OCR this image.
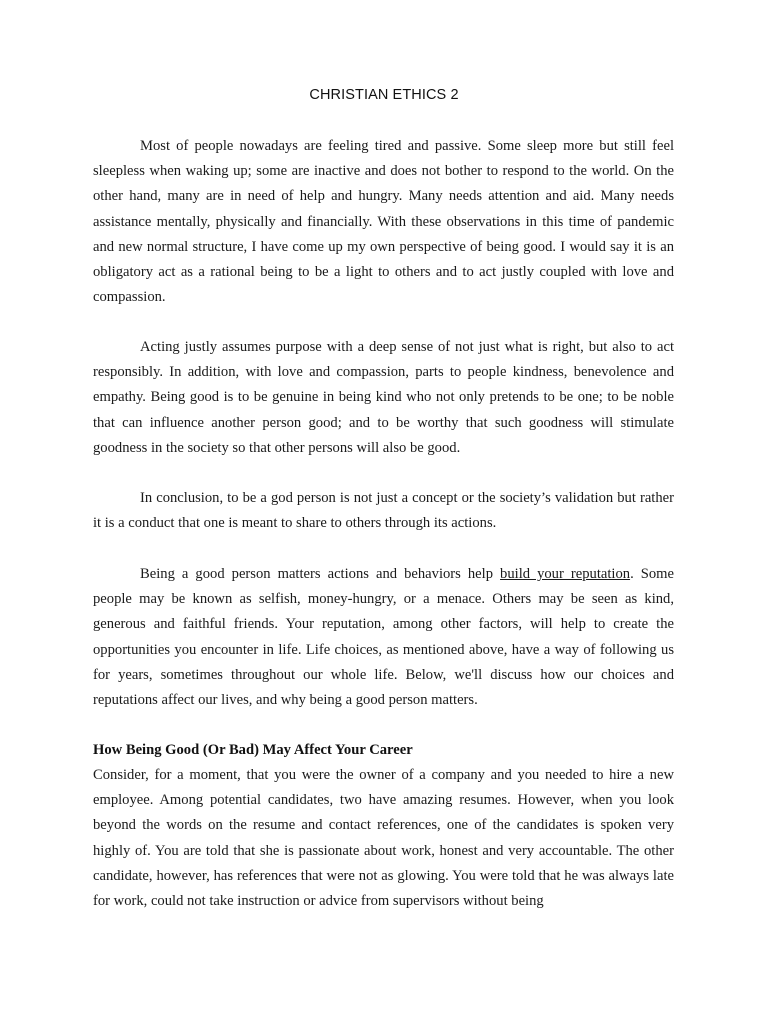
CHRISTIAN ETHICS 2

Most of people nowadays are feeling tired and passive. Some sleep more but still feel sleepless when waking up; some are inactive and does not bother to respond to the world. On the other hand, many are in need of help and hungry. Many needs attention and aid. Many needs assistance mentally, physically and financially. With these observations in this time of pandemic and new normal structure, I have come up my own perspective of being good. I would say it is an obligatory act as a rational being to be a light to others and to act justly coupled with love and compassion.

Acting justly assumes purpose with a deep sense of not just what is right, but also to act responsibly. In addition, with love and compassion, parts to people kindness, benevolence and empathy. Being good is to be genuine in being kind who not only pretends to be one; to be noble that can influence another person good; and to be worthy that such goodness will stimulate goodness in the society so that other persons will also be good.

In conclusion, to be a god person is not just a concept or the society’s validation but rather it is a conduct that one is meant to share to others through its actions.

Being a good person matters actions and behaviors help build your reputation. Some people may be known as selfish, money-hungry, or a menace. Others may be seen as kind, generous and faithful friends. Your reputation, among other factors, will help to create the opportunities you encounter in life. Life choices, as mentioned above, have a way of following us for years, sometimes throughout our whole life. Below, we'll discuss how our choices and reputations affect our lives, and why being a good person matters.

How Being Good (Or Bad) May Affect Your Career

Consider, for a moment, that you were the owner of a company and you needed to hire a new employee. Among potential candidates, two have amazing resumes. However, when you look beyond the words on the resume and contact references, one of the candidates is spoken very highly of. You are told that she is passionate about work, honest and very accountable. The other candidate, however, has references that were not as glowing. You were told that he was always late for work, could not take instruction or advice from supervisors without being
